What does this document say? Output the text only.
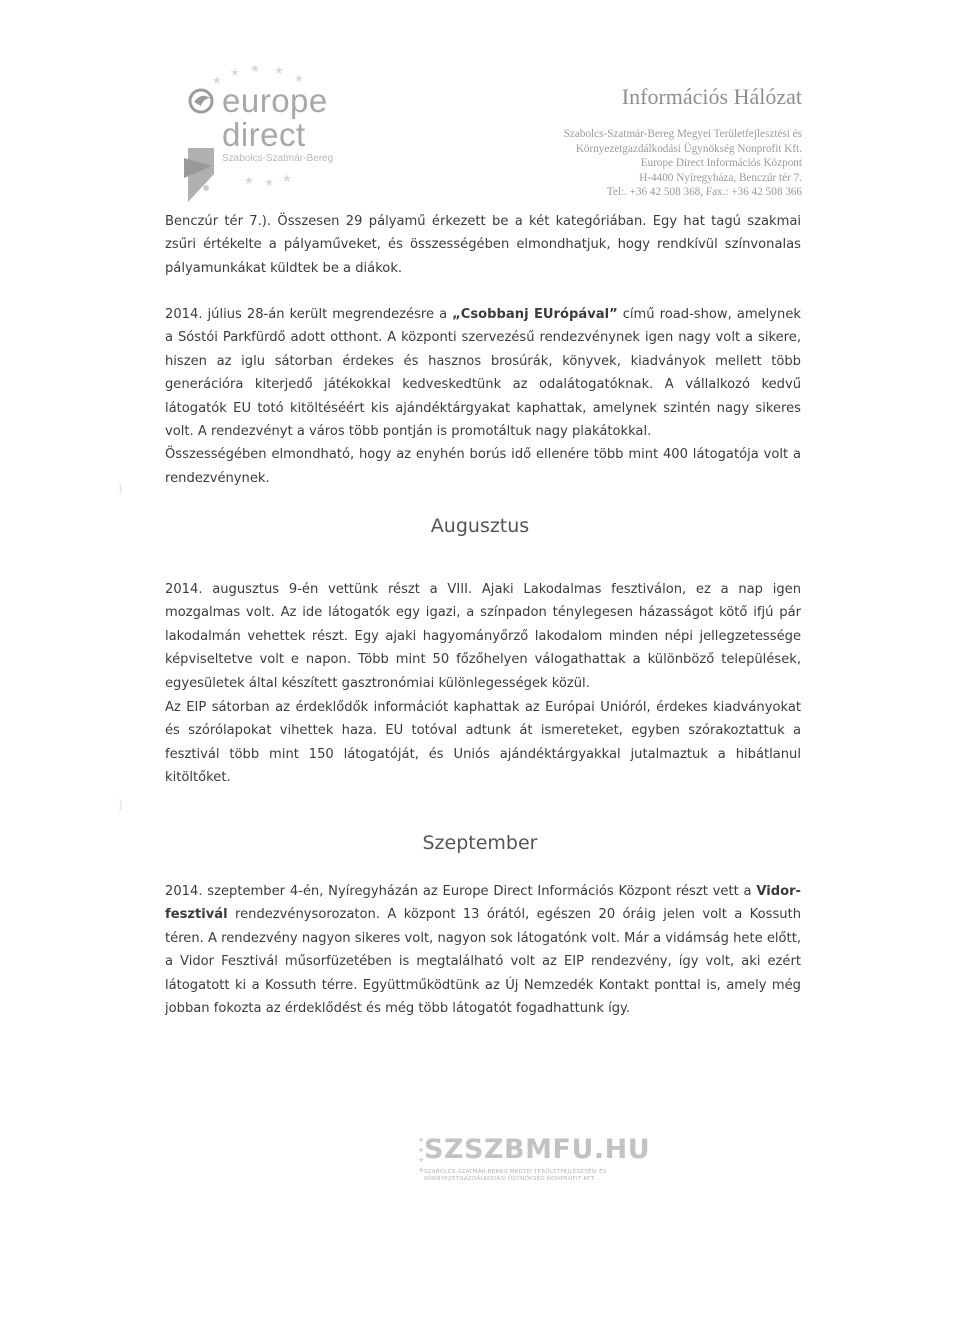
★
★ ★ ★
★
★ ★ ★
europe
direct
Szabolcs-Szatmár-Bereg
Információs Hálózat
Szabolcs-Szatmár-Bereg Megyei Területfejlesztési és
Környezetgazdálkodási Ügynökség Nonprofit Kft.
Europe Direct Információs Központ
H-4400 Nyíregyháza, Benczúr tér 7.
Tel:. +36 42 508 368, Fax.: +36 42 508 366

Benczúr tér 7.). Összesen 29 pályamű érkezett be a két kategóriában. Egy hat tagú szakmai zsűri értékelte a pályaműveket, és összességében elmondhatjuk, hogy rendkívül színvonalas pályamunkákat küldtek be a diákok.

2014. július 28-án került megrendezésre a „Csobbanj EUrópával” című road-show, amelynek a Sóstói Parkfürdő adott otthont. A központi szervezésű rendezvénynek igen nagy volt a sikere, hiszen az iglu sátorban érdekes és hasznos brosúrák, könyvek, kiadványok mellett több generációra kiterjedő játékokkal kedveskedtünk az odalátogatóknak. A vállalkozó kedvű látogatók EU totó kitöltéséért kis ajándéktárgyakat kaphattak, amelynek szintén nagy sikeres volt. A rendezvényt a város több pontján is promotáltuk nagy plakátokkal.

Összességében elmondható, hogy az enyhén borús idő ellenére több mint 400 látogatója volt a rendezvénynek.

Augusztus

2014. augusztus 9-én vettünk részt a VIII. Ajaki Lakodalmas fesztiválon, ez a nap igen mozgalmas volt. Az ide látogatók egy igazi, a színpadon ténylegesen házasságot kötő ifjú pár lakodalmán vehettek részt. Egy ajaki hagyományőrző lakodalom minden népi jellegzetessége képviseltetve volt e napon. Több mint 50 főzőhelyen válogathattak a különböző települések, egyesületek által készített gasztronómiai különlegességek közül.

Az EIP sátorban az érdeklődők információt kaphattak az Európai Unióról, érdekes kiadványokat és szórólapokat vihettek haza. EU totóval adtunk át ismereteket, egyben szórakoztattuk a fesztivál több mint 150 látogatóját, és Uniós ajándéktárgyakkal jutalmaztuk a hibátlanul kitöltőket.

Szeptember

2014. szeptember 4-én, Nyíregyházán az Europe Direct Információs Központ részt vett a Vidor-fesztivál rendezvénysorozaton. A központ 13 órától, egészen 20 óráig jelen volt a Kossuth téren. A rendezvény nagyon sikeres volt, nagyon sok látogatónk volt. Már a vidámság hete előtt, a Vidor Fesztivál műsorfüzetében is megtalálható volt az EIP rendezvény, így volt, aki ezért látogatott ki a Kossuth térre. Együttműködtünk az Új Nemzedék Kontakt ponttal is, amely még jobban fokozta az érdeklődést és még több látogatót fogadhattunk így.

)
)
★
★
★
★
SZSZBMFU.HU
SZABOLCS-SZATMÁR-BEREG MEGYEI TERÜLETFEJLESZTÉSI ÉS
KÖRNYEZETGAZDÁLKODÁSI ÜGYNÖKSÉG NONPROFIT KFT.
